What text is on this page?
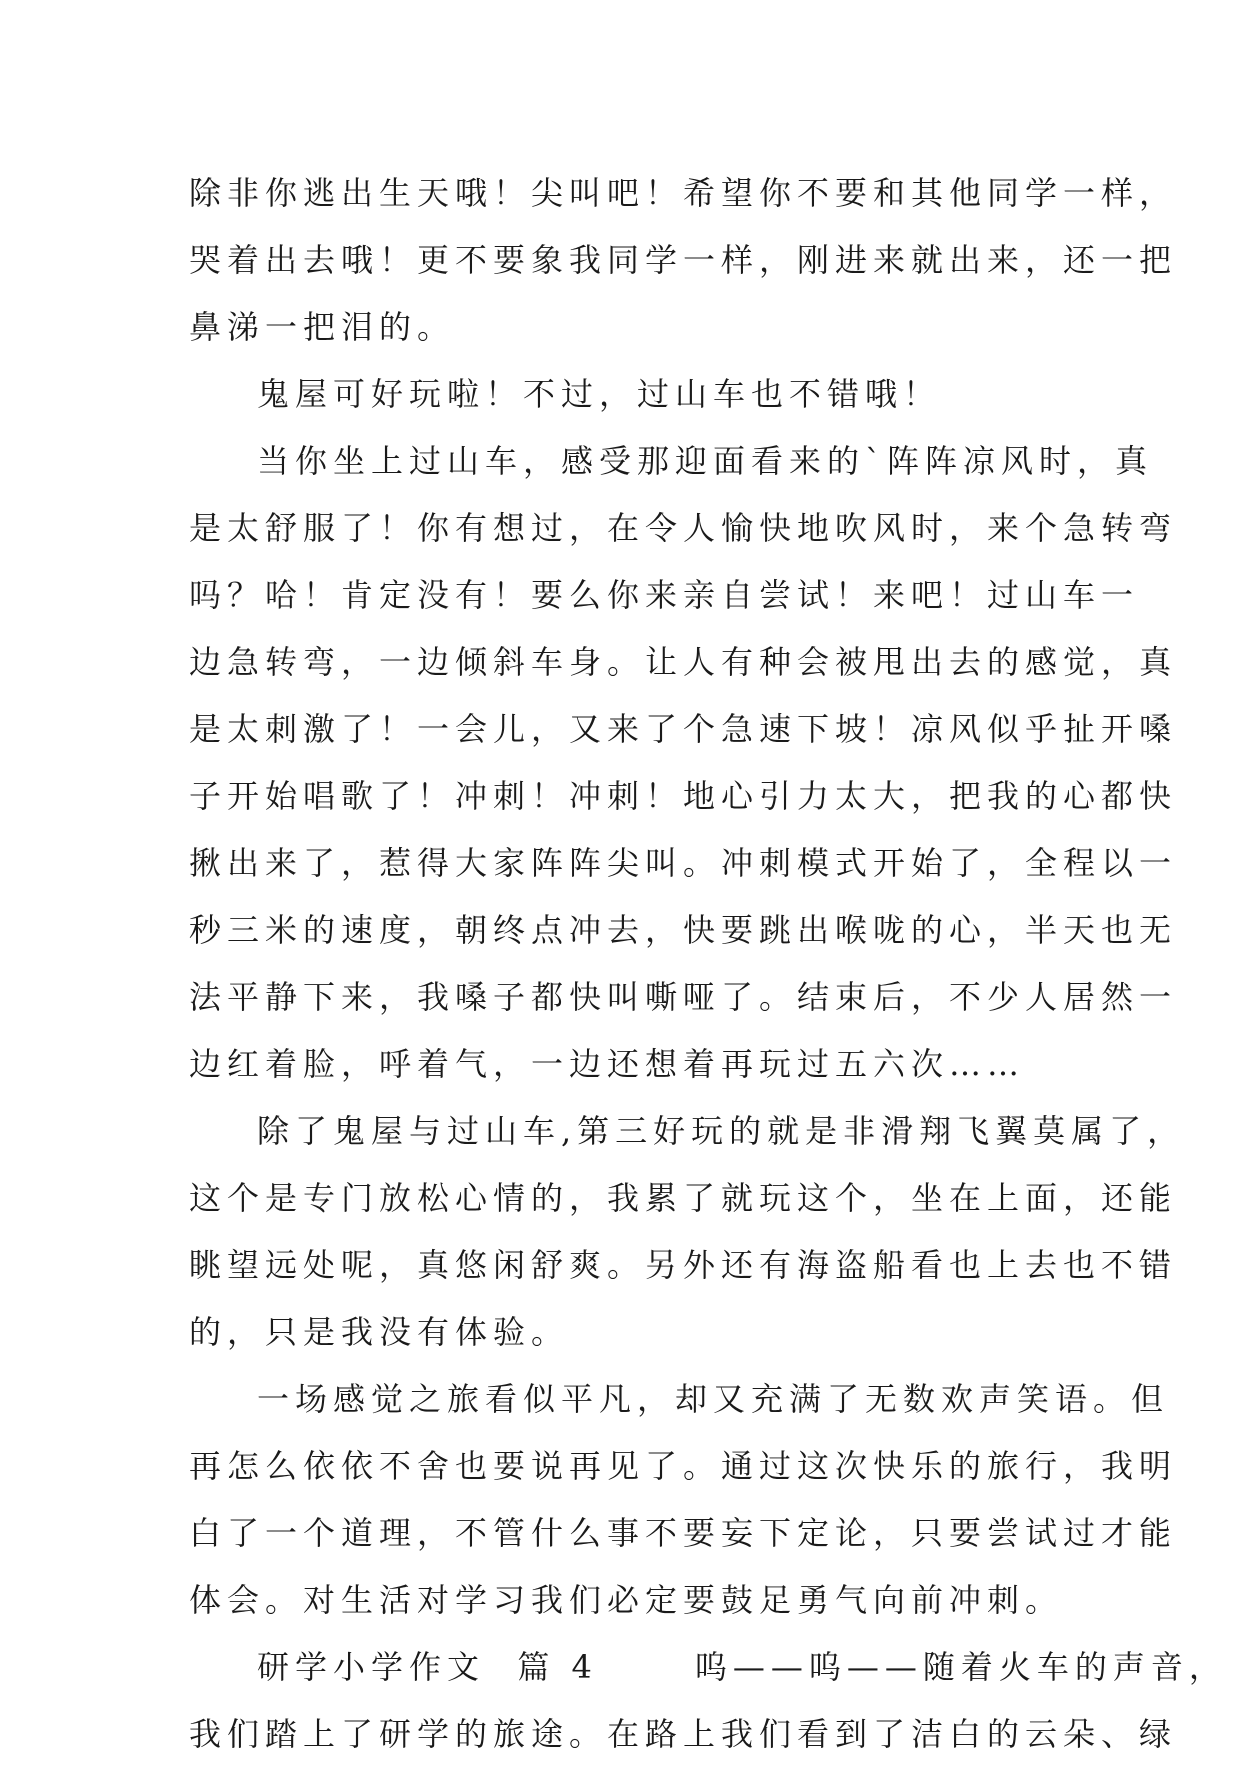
除非你逃出生天哦！尖叫吧！希望你不要和其他同学一样，
哭着出去哦！更不要象我同学一样，刚进来就出来，还一把
鼻涕一把泪的。
鬼屋可好玩啦！不过，过山车也不错哦！
当你坐上过山车，感受那迎面看来的`阵阵凉风时，真
是太舒服了！你有想过，在令人愉快地吹风时，来个急转弯
吗？哈！肯定没有！要么你来亲自尝试！来吧！过山车一
边急转弯，一边倾斜车身。让人有种会被甩出去的感觉，真
是太刺激了！一会儿，又来了个急速下坡！凉风似乎扯开嗓
子开始唱歌了！冲刺！冲刺！地心引力太大，把我的心都快
揪出来了，惹得大家阵阵尖叫。冲刺模式开始了，全程以一
秒三米的速度，朝终点冲去，快要跳出喉咙的心，半天也无
法平静下来，我嗓子都快叫嘶哑了。结束后，不少人居然一
边红着脸，呼着气，一边还想着再玩过五六次……
除了鬼屋与过山车,第三好玩的就是非滑翔飞翼莫属了，
这个是专门放松心情的，我累了就玩这个，坐在上面，还能
眺望远处呢，真悠闲舒爽。另外还有海盗船看也上去也不错
的，只是我没有体验。
一场感觉之旅看似平凡，却又充满了无数欢声笑语。但
再怎么依依不舍也要说再见了。通过这次快乐的旅行，我明
白了一个道理，不管什么事不要妄下定论，只要尝试过才能
体会。对生活对学习我们必定要鼓足勇气向前冲刺。
研学小学作文  篇 4      呜——呜——随着火车的声音，
我们踏上了研学的旅途。在路上我们看到了洁白的云朵、绿
